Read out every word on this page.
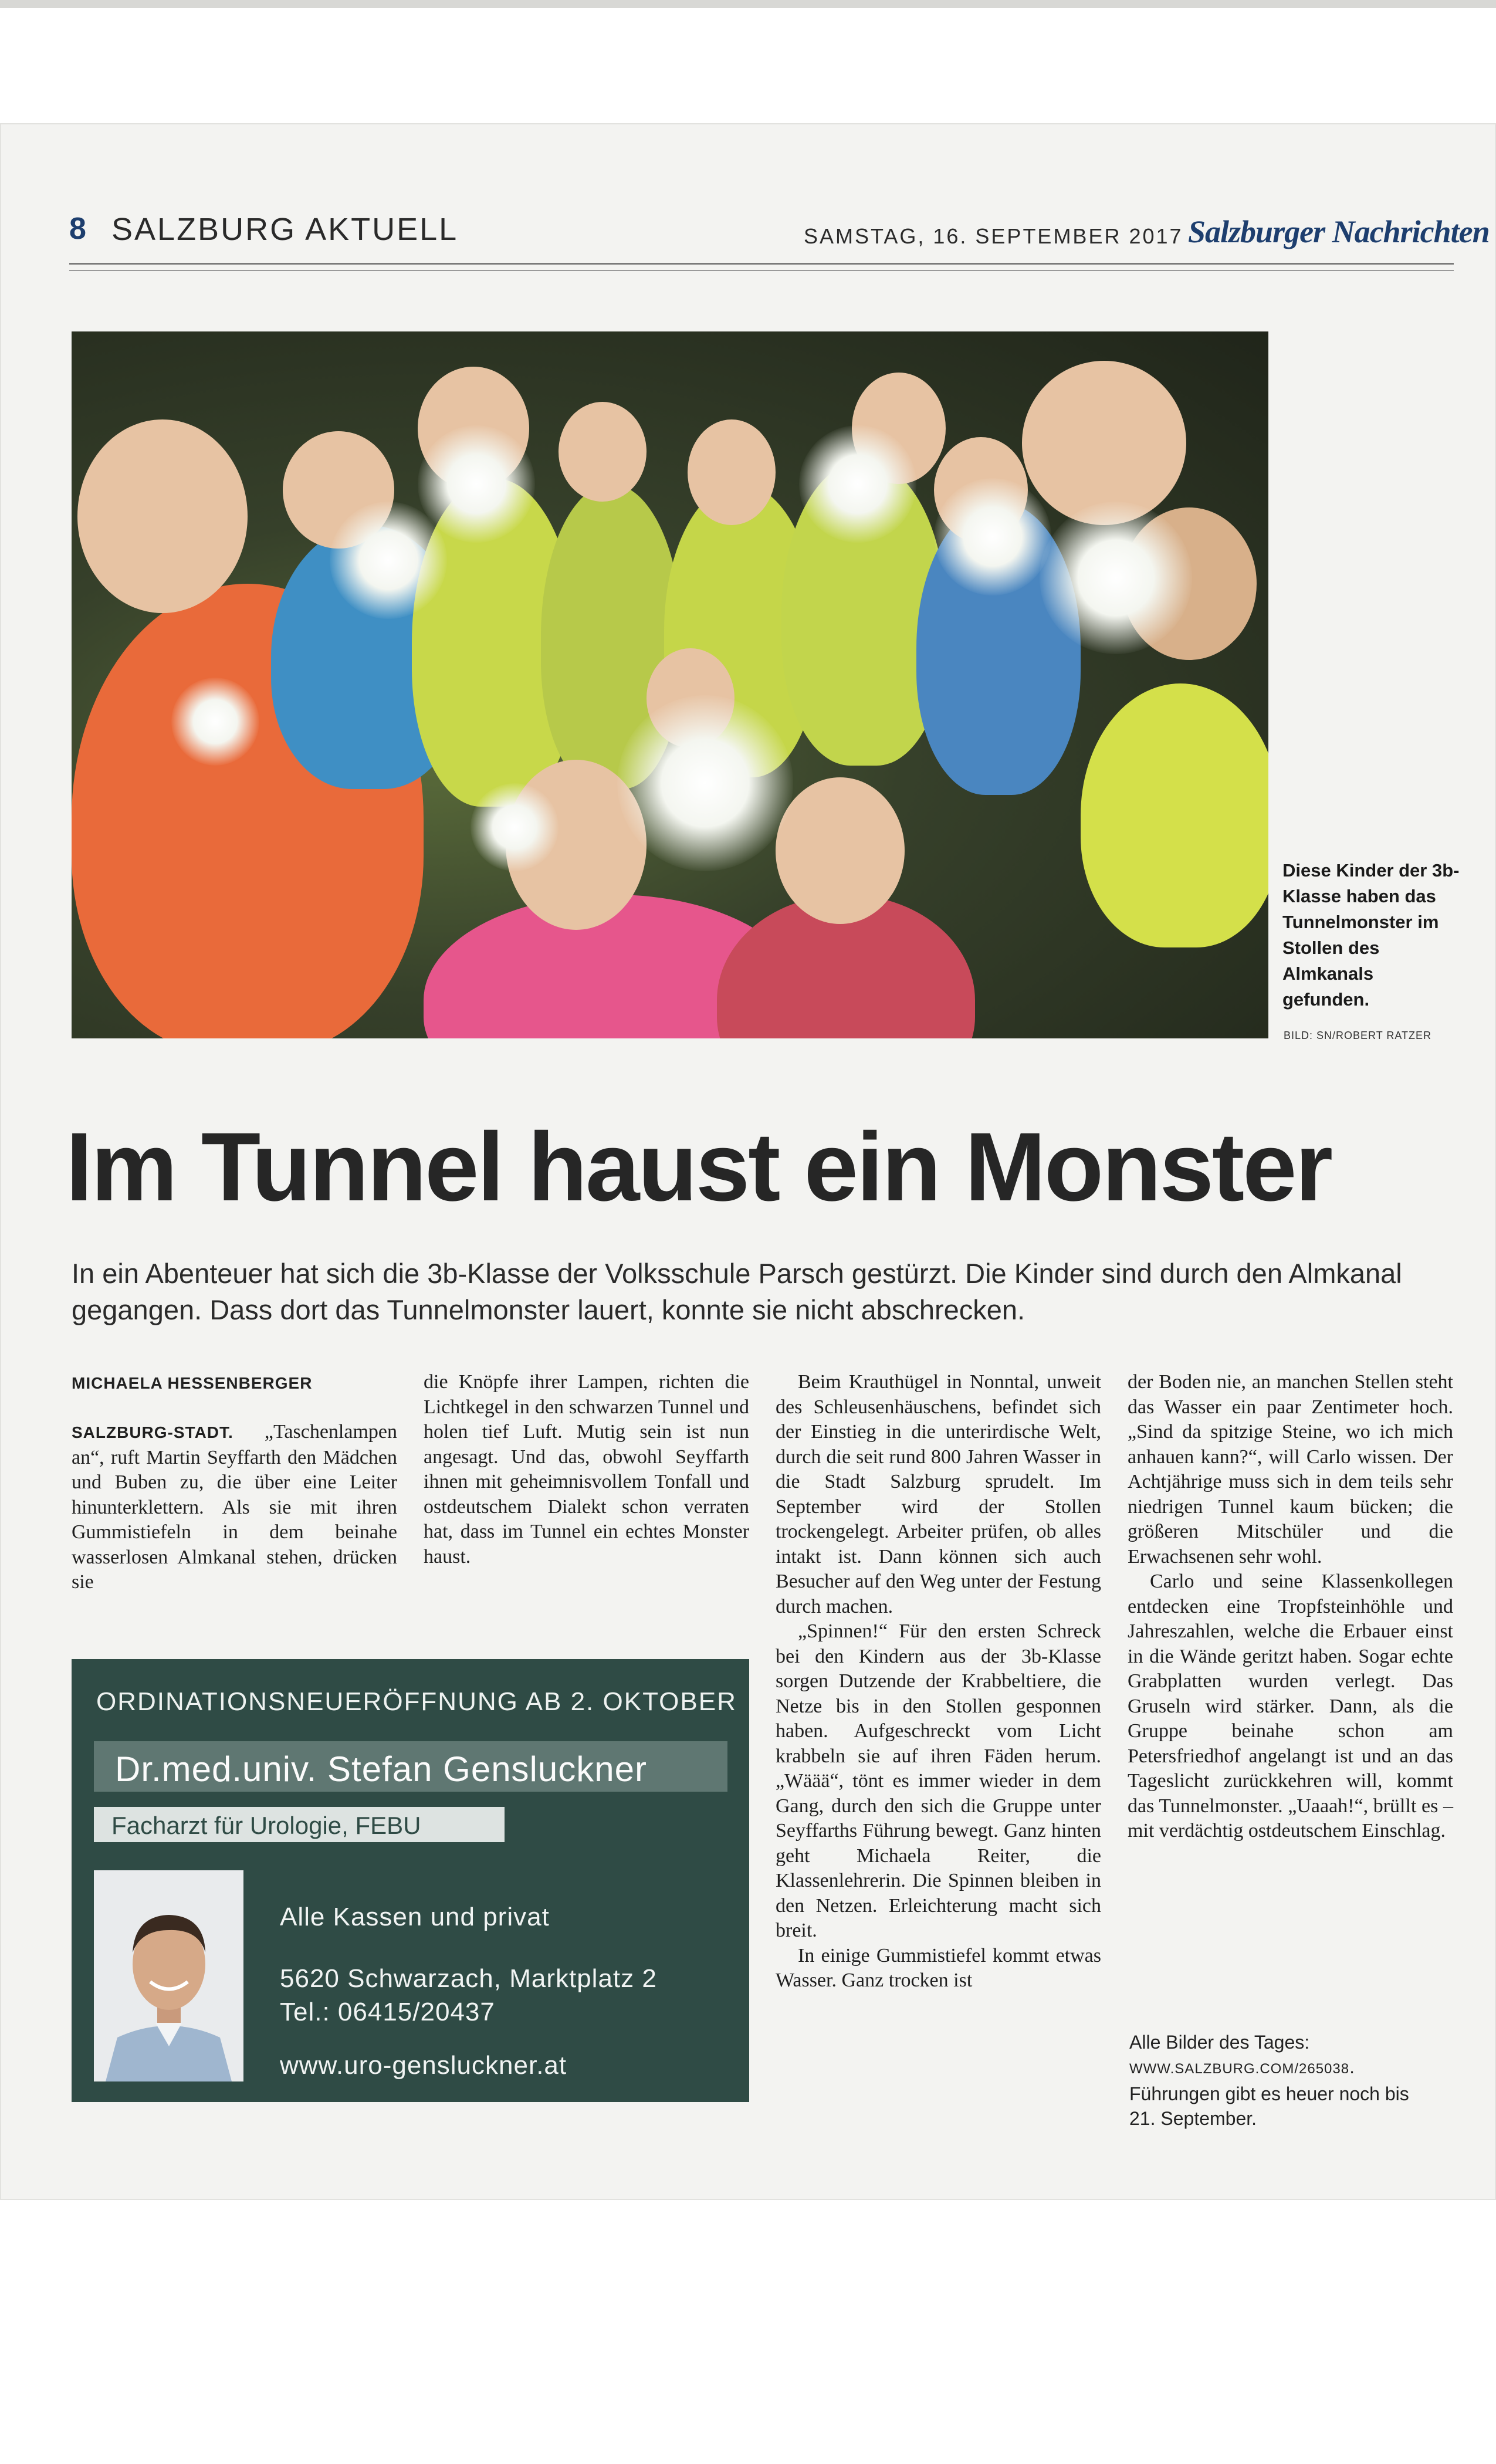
8 SALZBURG AKTUELL	SAMSTAG, 16. SEPTEMBER 2017 Salzburger Nachrichten
Diese Kinder der 3b-Klasse haben das Tunnelmonster im Stollen des Almkanals gefunden.
BILD: SN/ROBERT RATZER
Im Tunnel haust ein Monster
In ein Abenteuer hat sich die 3b-Klasse der Volksschule Parsch gestürzt. Die Kinder sind durch den Almkanal gegangen. Dass dort das Tunnelmonster lauert, konnte sie nicht abschrecken.
MICHAELA HESSENBERGER

SALZBURG-STADT. „Taschenlampen an“, ruft Martin Seyffarth den Mädchen und Buben zu, die über eine Leiter hinunterklettern. Als sie mit ihren Gummistiefeln in dem beinahe wasserlosen Almkanal stehen, drücken sie

die Knöpfe ihrer Lampen, richten die Lichtkegel in den schwarzen Tunnel und holen tief Luft. Mutig sein ist nun angesagt. Und das, obwohl Seyffarth ihnen mit geheimnisvollem Tonfall und ostdeutschem Dialekt schon verraten hat, dass im Tunnel ein echtes Monster haust.

Beim Krauthügel in Nonntal, unweit des Schleusenhäuschens, befindet sich der Einstieg in die unterirdische Welt, durch die seit rund 800 Jahren Wasser in die Stadt Salzburg sprudelt. Im September wird der Stollen trockengelegt. Arbeiter prüfen, ob alles intakt ist. Dann können sich auch Besucher auf den Weg unter der Festung durch machen.

„Spinnen!“ Für den ersten Schreck bei den Kindern aus der 3b-Klasse sorgen Dutzende der Krabbeltiere, die Netze bis in den Stollen gesponnen haben. Aufgeschreckt vom Licht krabbeln sie auf ihren Fäden herum. „Wäää“, tönt es immer wieder in dem Gang, durch den sich die Gruppe unter Seyffarths Führung bewegt. Ganz hinten geht Michaela Reiter, die Klassenlehrerin. Die Spinnen bleiben in den Netzen. Erleichterung macht sich breit.

In einige Gummistiefel kommt etwas Wasser. Ganz trocken ist

der Boden nie, an manchen Stellen steht das Wasser ein paar Zentimeter hoch. „Sind da spitzige Steine, wo ich mich anhauen kann?“, will Carlo wissen. Der Achtjährige muss sich in dem teils sehr niedrigen Tunnel kaum bücken; die größeren Mitschüler und die Erwachsenen sehr wohl.

Carlo und seine Klassenkollegen entdecken eine Tropfsteinhöhle und Jahreszahlen, welche die Erbauer einst in die Wände geritzt haben. Sogar echte Grabplatten wurden verlegt. Das Gruseln wird stärker. Dann, als die Gruppe beinahe schon am Petersfriedhof angelangt ist und an das Tageslicht zurückkehren will, kommt das Tunnelmonster. „Uaaah!“, brüllt es – mit verdächtig ostdeutschem Einschlag.

Alle Bilder des Tages: WWW.SALZBURG.COM/265038. Führungen gibt es heuer noch bis 21. September.
ORDINATIONSNEUERÖFFNUNG AB 2. OKTOBER
Dr.med.univ. Stefan Gensluckner
Facharzt für Urologie, FEBU
Alle Kassen und privat
5620 Schwarzach, Marktplatz 2
Tel.: 06415/20437
www.uro-gensluckner.at
